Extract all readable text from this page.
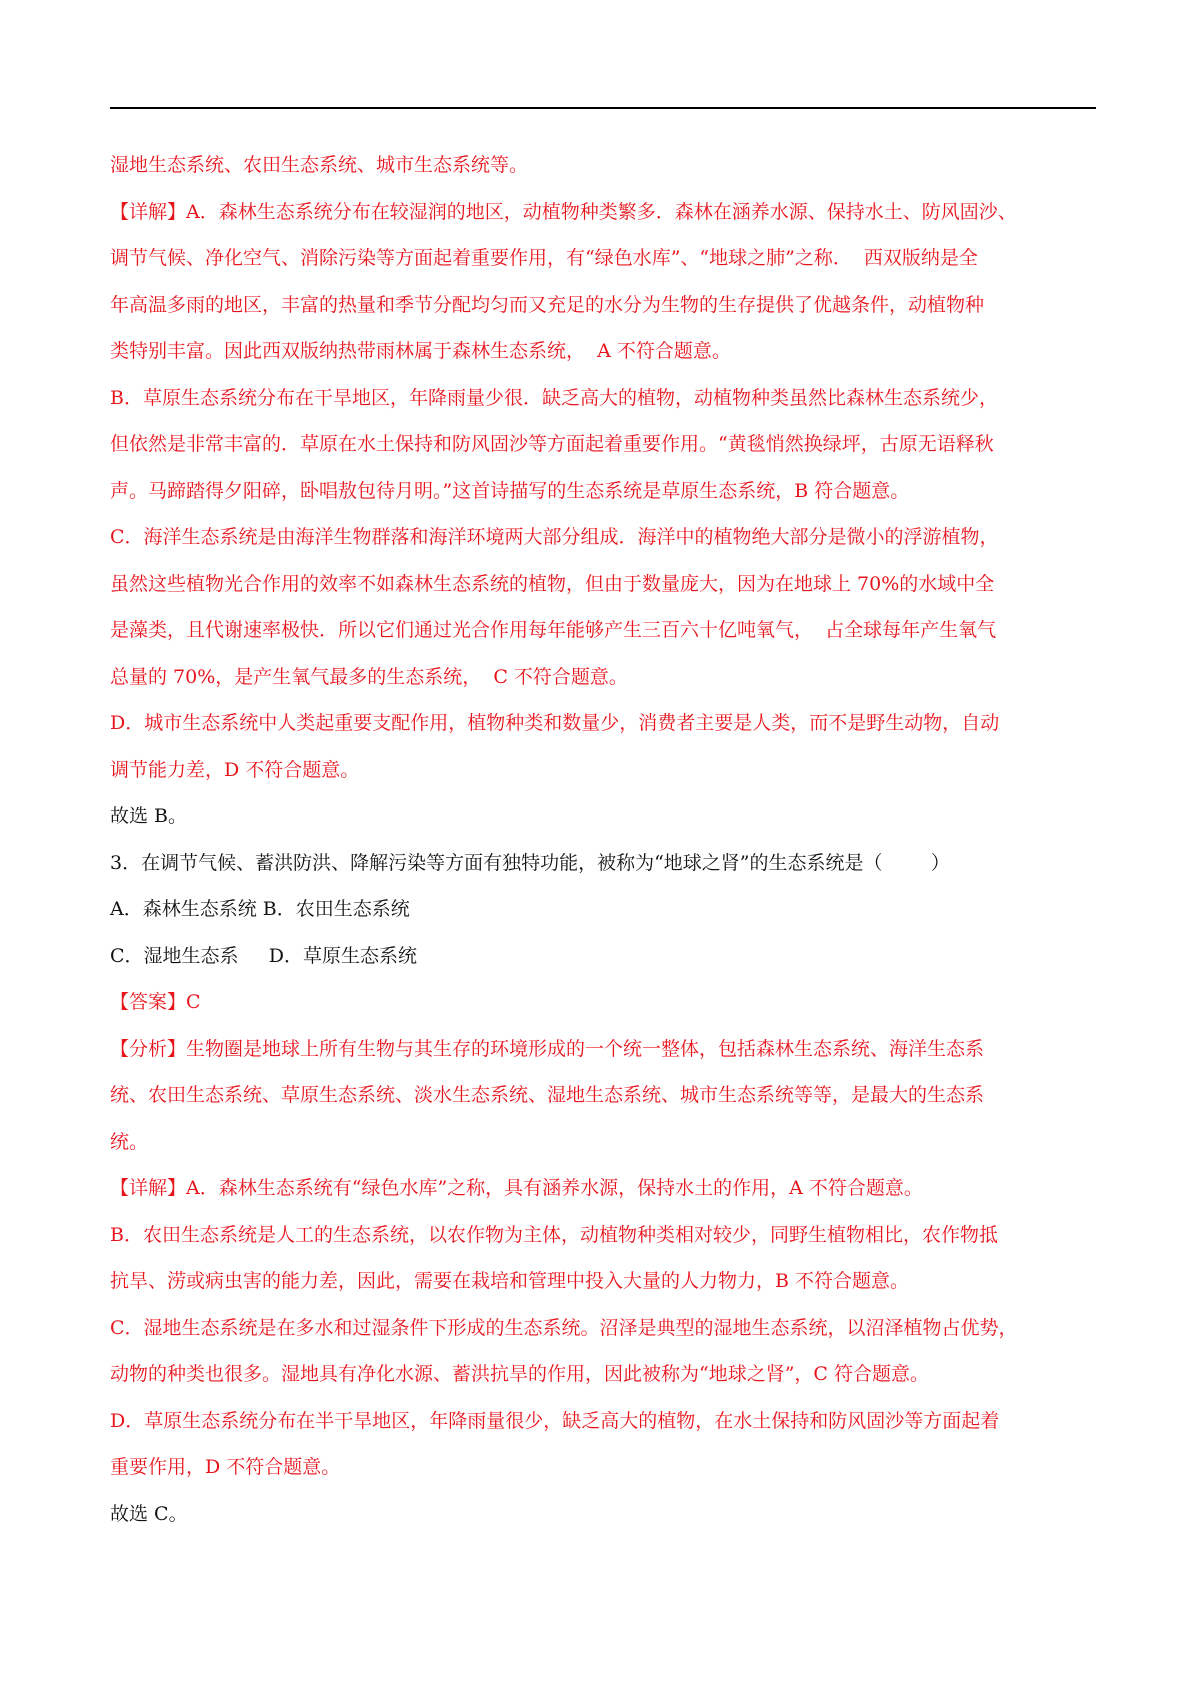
湿地生态系统、农田生态系统、城市生态系统等。
【详解】A．森林生态系统分布在较湿润的地区，动植物种类繁多．森林在涵养水源、保持水土、防风固沙、
调节气候、净化空气、消除污染等方面起着重要作用，有“绿色水库”、“地球之肺”之称．  西双版纳是全
年高温多雨的地区，丰富的热量和季节分配均匀而又充足的水分为生物的生存提供了优越条件，动植物种
类特别丰富。因此西双版纳热带雨林属于森林生态系统，  A 不符合题意。
B．草原生态系统分布在干旱地区，年降雨量少很．缺乏高大的植物，动植物种类虽然比森林生态系统少，
但依然是非常丰富的．草原在水土保持和防风固沙等方面起着重要作用。“黄毯悄然换绿坪，古原无语释秋
声。马蹄踏得夕阳碎，卧唱敖包待月明。”这首诗描写的生态系统是草原生态系统，B 符合题意。
C．海洋生态系统是由海洋生物群落和海洋环境两大部分组成．海洋中的植物绝大部分是微小的浮游植物，
虽然这些植物光合作用的效率不如森林生态系统的植物，但由于数量庞大，因为在地球上 70%的水域中全
是藻类，且代谢速率极快．所以它们通过光合作用每年能够产生三百六十亿吨氧气，  占全球每年产生氧气
总量的 70%，是产生氧气最多的生态系统，  C 不符合题意。
D．城市生态系统中人类起重要支配作用，植物种类和数量少，消费者主要是人类，而不是野生动物，自动
调节能力差，D 不符合题意。
故选 B。
3．在调节气候、蓄洪防洪、降解污染等方面有独特功能，被称为“地球之肾”的生态系统是（        ）
A．森林生态系统 B．农田生态系统
C．湿地生态系     D．草原生态系统
【答案】C
【分析】生物圈是地球上所有生物与其生存的环境形成的一个统一整体，包括森林生态系统、海洋生态系
统、农田生态系统、草原生态系统、淡水生态系统、湿地生态系统、城市生态系统等等，是最大的生态系
统。
【详解】A．森林生态系统有“绿色水库”之称，具有涵养水源，保持水土的作用，A 不符合题意。
B．农田生态系统是人工的生态系统，以农作物为主体，动植物种类相对较少，同野生植物相比，农作物抵
抗旱、涝或病虫害的能力差，因此，需要在栽培和管理中投入大量的人力物力，B 不符合题意。
C．湿地生态系统是在多水和过湿条件下形成的生态系统。沼泽是典型的湿地生态系统，以沼泽植物占优势，
动物的种类也很多。湿地具有净化水源、蓄洪抗旱的作用，因此被称为“地球之肾”，C 符合题意。
D．草原生态系统分布在半干旱地区，年降雨量很少，缺乏高大的植物，在水土保持和防风固沙等方面起着
重要作用，D 不符合题意。
故选 C。
